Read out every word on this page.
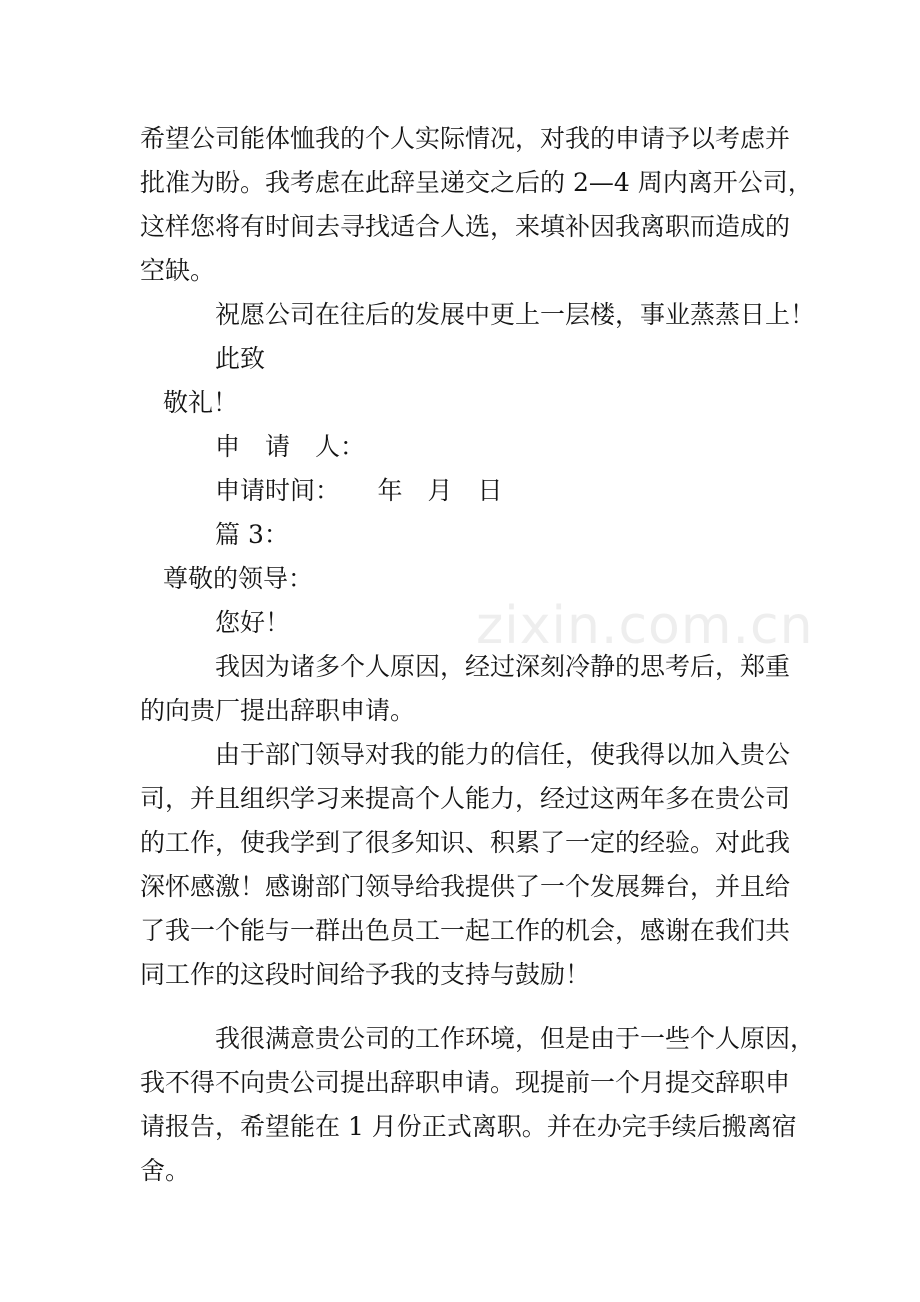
希望公司能体恤我的个人实际情况，对我的申请予以考虑并
批准为盼。我考虑在此辞呈递交之后的 2—4 周内离开公司，
这样您将有时间去寻找适合人选，来填补因我离职而造成的
空缺。
祝愿公司在往后的发展中更上一层楼，事业蒸蒸日上！
此致
敬礼！
申　请　人：
申请时间：　　年　月　日
篇 3：
尊敬的领导：
您好！
我因为诸多个人原因，经过深刻冷静的思考后，郑重
的向贵厂提出辞职申请。
由于部门领导对我的能力的信任，使我得以加入贵公
司，并且组织学习来提高个人能力，经过这两年多在贵公司
的工作，使我学到了很多知识、积累了一定的经验。对此我
深怀感激！感谢部门领导给我提供了一个发展舞台，并且给
了我一个能与一群出色员工一起工作的机会，感谢在我们共
同工作的这段时间给予我的支持与鼓励！
我很满意贵公司的工作环境，但是由于一些个人原因，
我不得不向贵公司提出辞职申请。现提前一个月提交辞职申
请报告，希望能在 1 月份正式离职。并在办完手续后搬离宿
舍。
zixin.com.cn
